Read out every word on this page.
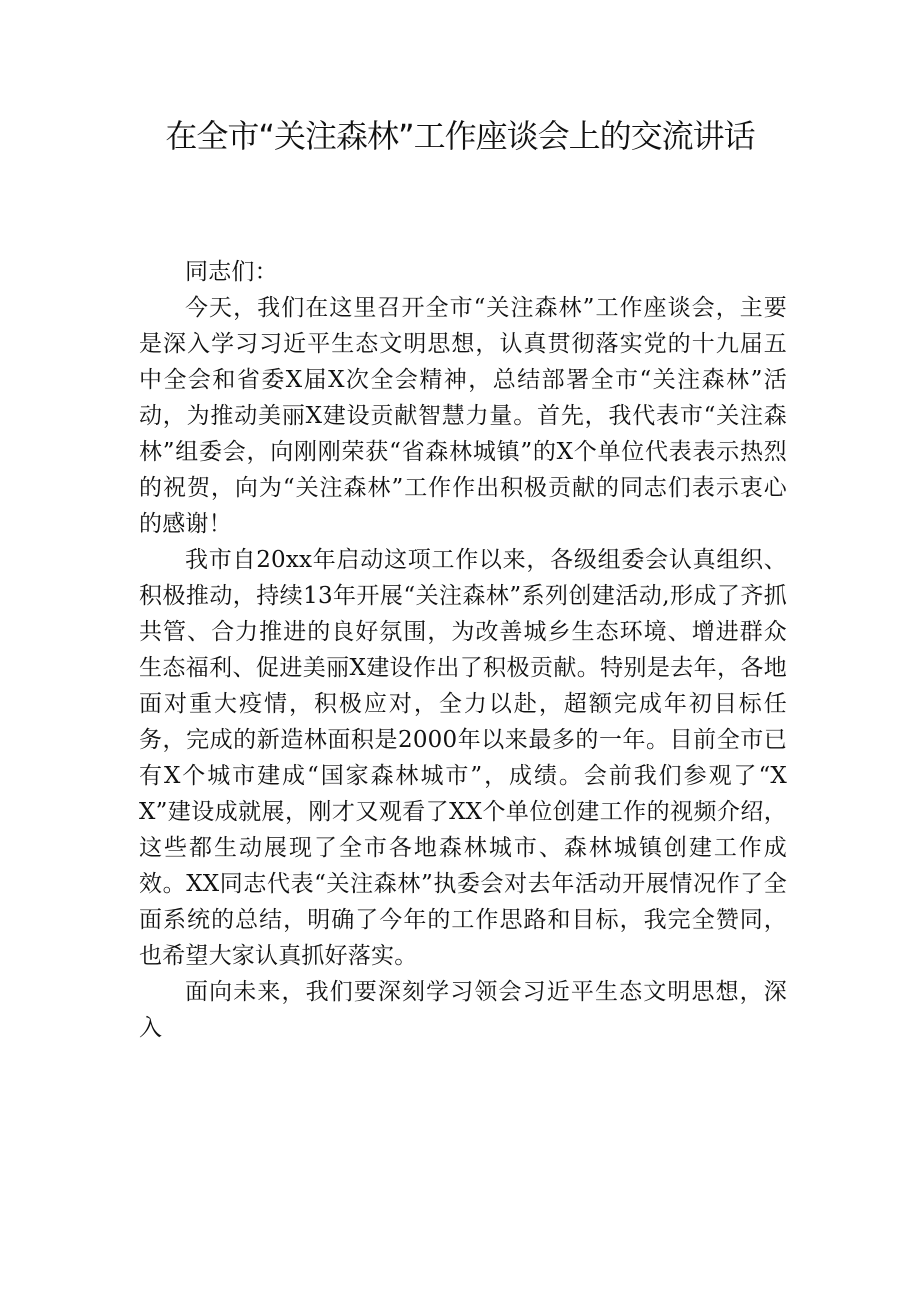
在全市“关注森林”工作座谈会上的交流讲话

同志们：

今天，我们在这里召开全市“关注森林”工作座谈会，主要是深入学习习近平生态文明思想，认真贯彻落实党的十九届五中全会和省委X届X次全会精神，总结部署全市“关注森林”活动，为推动美丽X建设贡献智慧力量。首先，我代表市“关注森林”组委会，向刚刚荣获“省森林城镇”的X个单位代表表示热烈的祝贺，向为“关注森林”工作作出积极贡献的同志们表示衷心的感谢！

我市自20xx年启动这项工作以来，各级组委会认真组织、积极推动，持续13年开展“关注森林”系列创建活动,形成了齐抓共管、合力推进的良好氛围，为改善城乡生态环境、增进群众生态福利、促进美丽X建设作出了积极贡献。特别是去年，各地面对重大疫情，积极应对，全力以赴，超额完成年初目标任务，完成的新造林面积是2000年以来最多的一年。目前全市已有X个城市建成“国家森林城市”，成绩。会前我们参观了“XX”建设成就展，刚才又观看了XX个单位创建工作的视频介绍，这些都生动展现了全市各地森林城市、森林城镇创建工作成效。XX同志代表“关注森林”执委会对去年活动开展情况作了全面系统的总结，明确了今年的工作思路和目标，我完全赞同，也希望大家认真抓好落实。

面向未来，我们要深刻学习领会习近平生态文明思想，深入
